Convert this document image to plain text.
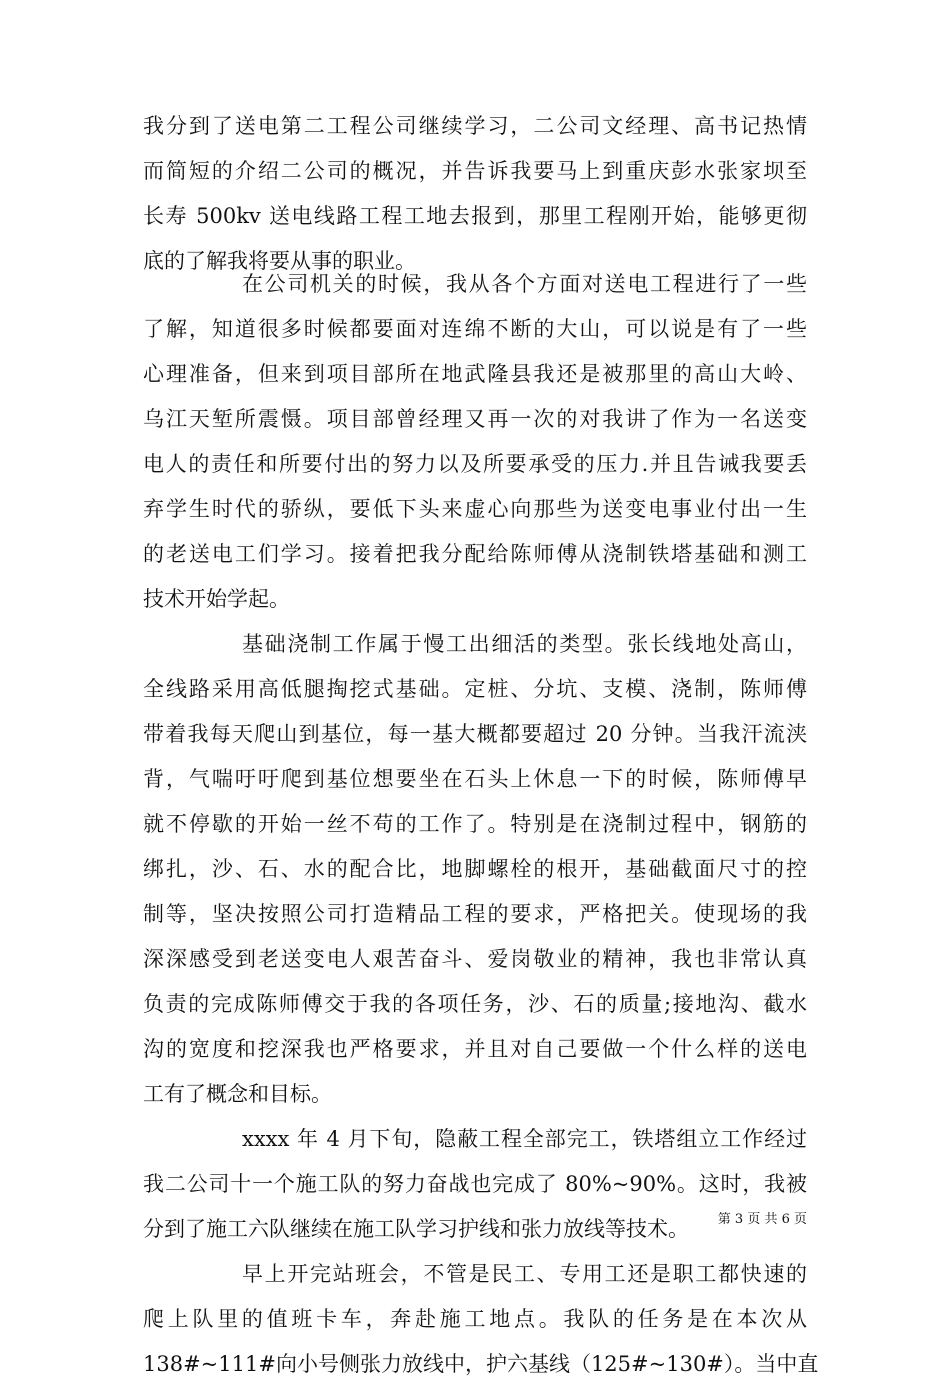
我分到了送电第二工程公司继续学习，二公司文经理、高书记热情
而简短的介绍二公司的概况，并告诉我要马上到重庆彭水张家坝至
长寿 500kv 送电线路工程工地去报到，那里工程刚开始，能够更彻
底的了解我将要从事的职业。
在公司机关的时候，我从各个方面对送电工程进行了一些
了解，知道很多时候都要面对连绵不断的大山，可以说是有了一些
心理准备，但来到项目部所在地武隆县我还是被那里的高山大岭、
乌江天堑所震慑。项目部曾经理又再一次的对我讲了作为一名送变
电人的责任和所要付出的努力以及所要承受的压力.并且告诫我要丢
弃学生时代的骄纵，要低下头来虚心向那些为送变电事业付出一生
的老送电工们学习。接着把我分配给陈师傅从浇制铁塔基础和测工
技术开始学起。
基础浇制工作属于慢工出细活的类型。张长线地处高山，
全线路采用高低腿掏挖式基础。定桩、分坑、支模、浇制，陈师傅
带着我每天爬山到基位，每一基大概都要超过 20 分钟。当我汗流浃
背，气喘吁吁爬到基位想要坐在石头上休息一下的时候，陈师傅早
就不停歇的开始一丝不苟的工作了。特别是在浇制过程中，钢筋的
绑扎，沙、石、水的配合比，地脚螺栓的根开，基础截面尺寸的控
制等，坚决按照公司打造精品工程的要求，严格把关。使现场的我
深深感受到老送变电人艰苦奋斗、爱岗敬业的精神，我也非常认真
负责的完成陈师傅交于我的各项任务，沙、石的质量;接地沟、截水
沟的宽度和挖深我也严格要求，并且对自己要做一个什么样的送电
工有了概念和目标。
xxxx 年 4 月下旬，隐蔽工程全部完工，铁塔组立工作经过
我二公司十一个施工队的努力奋战也完成了 80%~90%。这时，我被
分到了施工六队继续在施工队学习护线和张力放线等技术。
早上开完站班会，不管是民工、专用工还是职工都快速的
爬上队里的值班卡车，奔赴施工地点。我队的任务是在本次从
138#~111#向小号侧张力放线中，护六基线（125#~130#）。当中直
第 3 页 共 6 页
